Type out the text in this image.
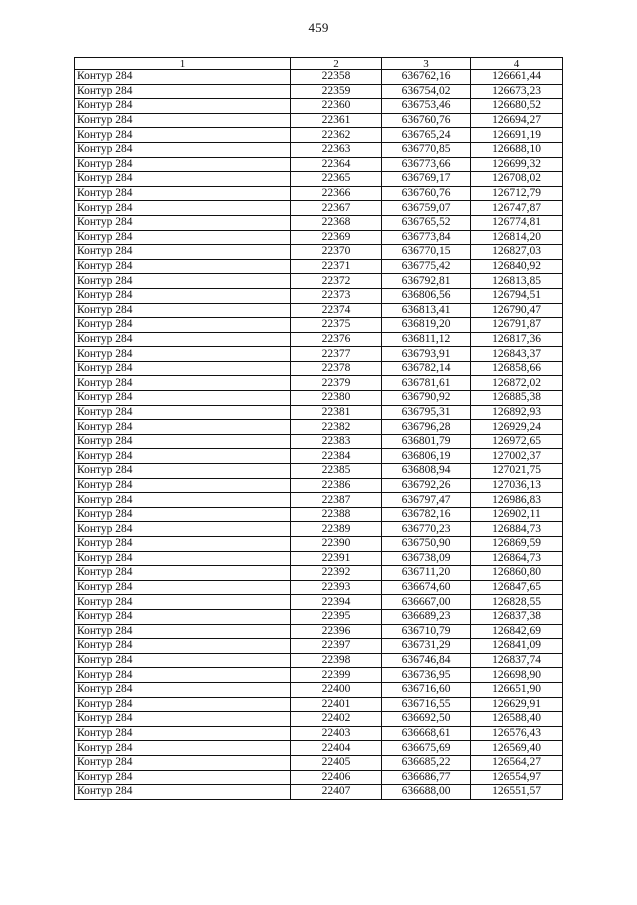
459
1	2	3	4
Контур 284	22358	636762,16	126661,44
Контур 284	22359	636754,02	126673,23
Контур 284	22360	636753,46	126680,52
Контур 284	22361	636760,76	126694,27
Контур 284	22362	636765,24	126691,19
Контур 284	22363	636770,85	126688,10
Контур 284	22364	636773,66	126699,32
Контур 284	22365	636769,17	126708,02
Контур 284	22366	636760,76	126712,79
Контур 284	22367	636759,07	126747,87
Контур 284	22368	636765,52	126774,81
Контур 284	22369	636773,84	126814,20
Контур 284	22370	636770,15	126827,03
Контур 284	22371	636775,42	126840,92
Контур 284	22372	636792,81	126813,85
Контур 284	22373	636806,56	126794,51
Контур 284	22374	636813,41	126790,47
Контур 284	22375	636819,20	126791,87
Контур 284	22376	636811,12	126817,36
Контур 284	22377	636793,91	126843,37
Контур 284	22378	636782,14	126858,66
Контур 284	22379	636781,61	126872,02
Контур 284	22380	636790,92	126885,38
Контур 284	22381	636795,31	126892,93
Контур 284	22382	636796,28	126929,24
Контур 284	22383	636801,79	126972,65
Контур 284	22384	636806,19	127002,37
Контур 284	22385	636808,94	127021,75
Контур 284	22386	636792,26	127036,13
Контур 284	22387	636797,47	126986,83
Контур 284	22388	636782,16	126902,11
Контур 284	22389	636770,23	126884,73
Контур 284	22390	636750,90	126869,59
Контур 284	22391	636738,09	126864,73
Контур 284	22392	636711,20	126860,80
Контур 284	22393	636674,60	126847,65
Контур 284	22394	636667,00	126828,55
Контур 284	22395	636689,23	126837,38
Контур 284	22396	636710,79	126842,69
Контур 284	22397	636731,29	126841,09
Контур 284	22398	636746,84	126837,74
Контур 284	22399	636736,95	126698,90
Контур 284	22400	636716,60	126651,90
Контур 284	22401	636716,55	126629,91
Контур 284	22402	636692,50	126588,40
Контур 284	22403	636668,61	126576,43
Контур 284	22404	636675,69	126569,40
Контур 284	22405	636685,22	126564,27
Контур 284	22406	636686,77	126554,97
Контур 284	22407	636688,00	126551,57
